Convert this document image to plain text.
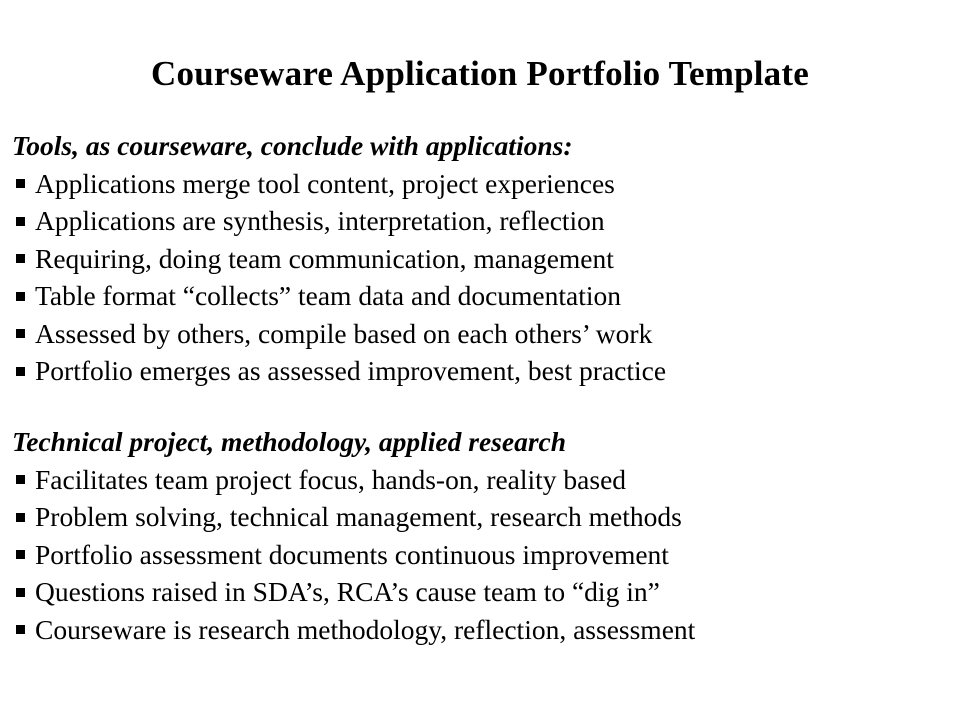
Courseware Application Portfolio Template

Tools, as courseware, conclude with applications:

Applications merge tool content, project experiences
Applications are synthesis, interpretation, reflection
Requiring, doing team communication, management
Table format “collects” team data and documentation
Assessed by others, compile based on each others’ work
Portfolio emerges as assessed improvement, best practice

Technical project, methodology, applied research

Facilitates team project focus, hands-on, reality based
Problem solving, technical management, research methods
Portfolio assessment documents continuous improvement
Questions raised in SDA’s, RCA’s cause team to “dig in”
Courseware is research methodology, reflection, assessment
